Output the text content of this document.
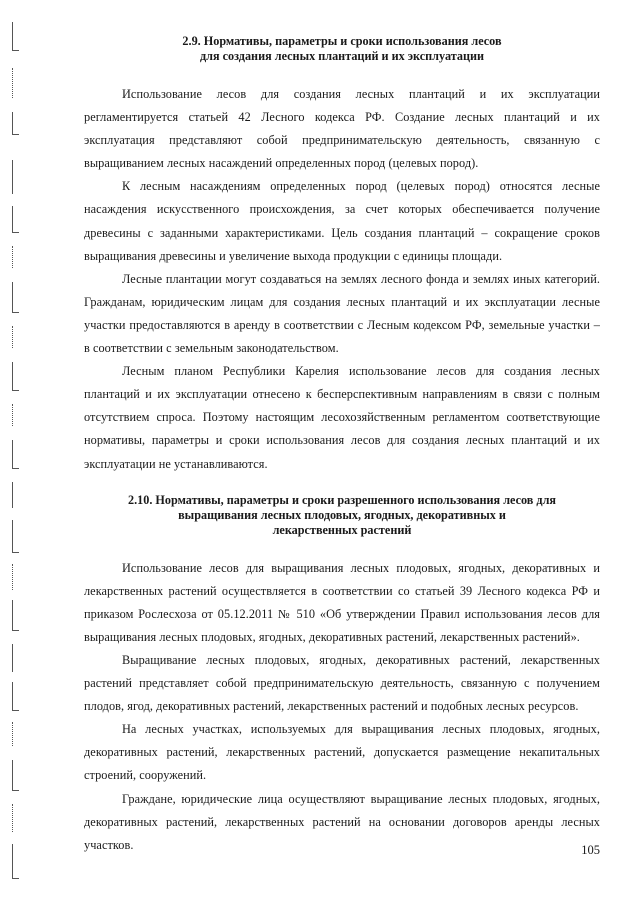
2.9. Нормативы, параметры и сроки использования лесов
для создания лесных плантаций и их эксплуатации

Использование лесов для создания лесных плантаций и их эксплуатации регламентируется статьей 42 Лесного кодекса РФ. Создание лесных плантаций и их эксплуатация представляют собой предпринимательскую деятельность, связанную с выращиванием лесных насаждений определенных пород (целевых пород).

К лесным насаждениям определенных пород (целевых пород) относятся лесные насаждения искусственного происхождения, за счет которых обеспечивается получение древесины с заданными характеристиками. Цель создания плантаций – сокращение сроков выращивания древесины и увеличение выхода продукции с единицы площади.

Лесные плантации могут создаваться на землях лесного фонда и землях иных категорий. Гражданам, юридическим лицам для создания лесных плантаций и их эксплуатации лесные участки предоставляются в аренду в соответствии с Лесным кодексом РФ, земельные участки – в соответствии с земельным законодательством.

Лесным планом Республики Карелия использование лесов для создания лесных плантаций и их эксплуатации отнесено к бесперспективным направлениям в связи с полным отсутствием спроса. Поэтому настоящим лесохозяйственным регламентом соответствующие нормативы, параметры и сроки использования лесов для создания лесных плантаций и их эксплуатации не устанавливаются.

2.10. Нормативы, параметры и сроки разрешенного использования лесов для
выращивания лесных плодовых, ягодных, декоративных и
лекарственных растений

Использование лесов для выращивания лесных плодовых, ягодных, декоративных и лекарственных растений осуществляется в соответствии со статьей 39 Лесного кодекса РФ и приказом Рослесхоза от 05.12.2011 № 510 «Об утверждении Правил использования лесов для выращивания лесных плодовых, ягодных, декоративных растений, лекарственных растений».

Выращивание лесных плодовых, ягодных, декоративных растений, лекарственных растений представляет собой предпринимательскую деятельность, связанную с получением плодов, ягод, декоративных растений, лекарственных растений и подобных лесных ресурсов.

На лесных участках, используемых для выращивания лесных плодовых, ягодных, декоративных растений, лекарственных растений, допускается размещение некапитальных строений, сооружений.

Граждане, юридические лица осуществляют выращивание лесных плодовых, ягодных, декоративных растений, лекарственных растений на основании договоров аренды лесных участков.	105
